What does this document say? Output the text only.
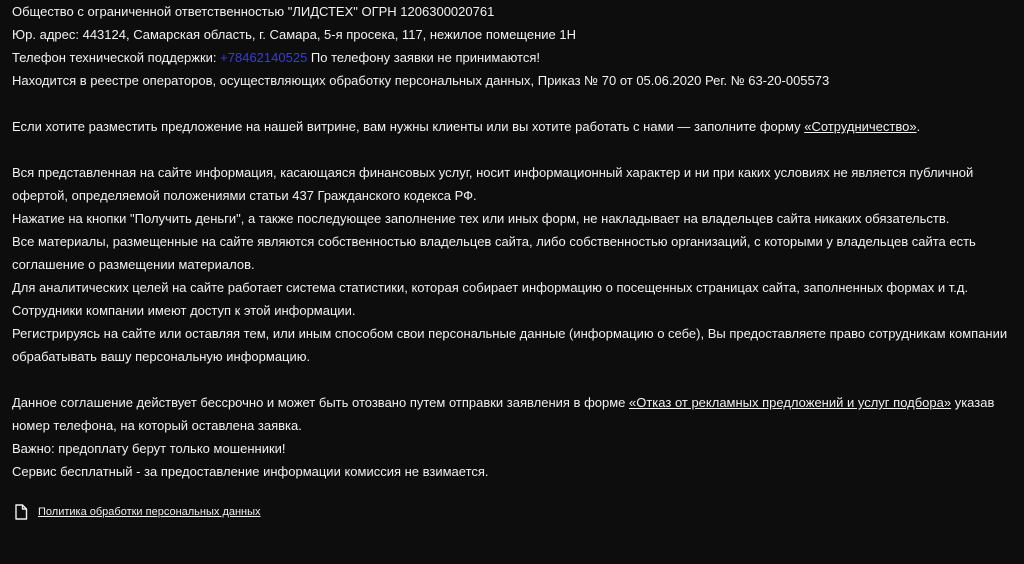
Общество с ограниченной ответственностью "ЛИДСТЕХ" ОГРН 1206300020761
Юр. адрес: 443124, Самарская область, г. Самара, 5-я просека, 117, нежилое помещение 1Н
Телефон технической поддержки: +78462140525 По телефону заявки не принимаются!
Находится в реестре операторов, осуществляющих обработку персональных данных, Приказ № 70 от 05.06.2020 Рег. № 63-20-005573
Если хотите разместить предложение на нашей витрине, вам нужны клиенты или вы хотите работать с нами — заполните форму «Сотрудничество».
Вся представленная на сайте информация, касающаяся финансовых услуг, носит информационный характер и ни при каких условиях не является публичной
офертой, определяемой положениями статьи 437 Гражданского кодекса РФ.
Нажатие на кнопки "Получить деньги", а также последующее заполнение тех или иных форм, не накладывает на владельцев сайта никаких обязательств.
Все материалы, размещенные на сайте являются собственностью владельцев сайта, либо собственностью организаций, с которыми у владельцев сайта есть
соглашение о размещении материалов.
Для аналитических целей на сайте работает система статистики, которая собирает информацию о посещенных страницах сайта, заполненных формах и т.д.
Сотрудники компании имеют доступ к этой информации.
Регистрируясь на сайте или оставляя тем, или иным способом свои персональные данные (информацию о себе), Вы предоставляете право сотрудникам компании
обрабатывать вашу персональную информацию.
Данное соглашение действует бессрочно и может быть отозвано путем отправки заявления в форме «Отказ от рекламных предложений и услуг подбора» указав
номер телефона, на который оставлена заявка.
Важно: предоплату берут только мошенники!
Сервис бесплатный - за предоставление информации комиссия не взимается.
Политика обработки персональных данных
